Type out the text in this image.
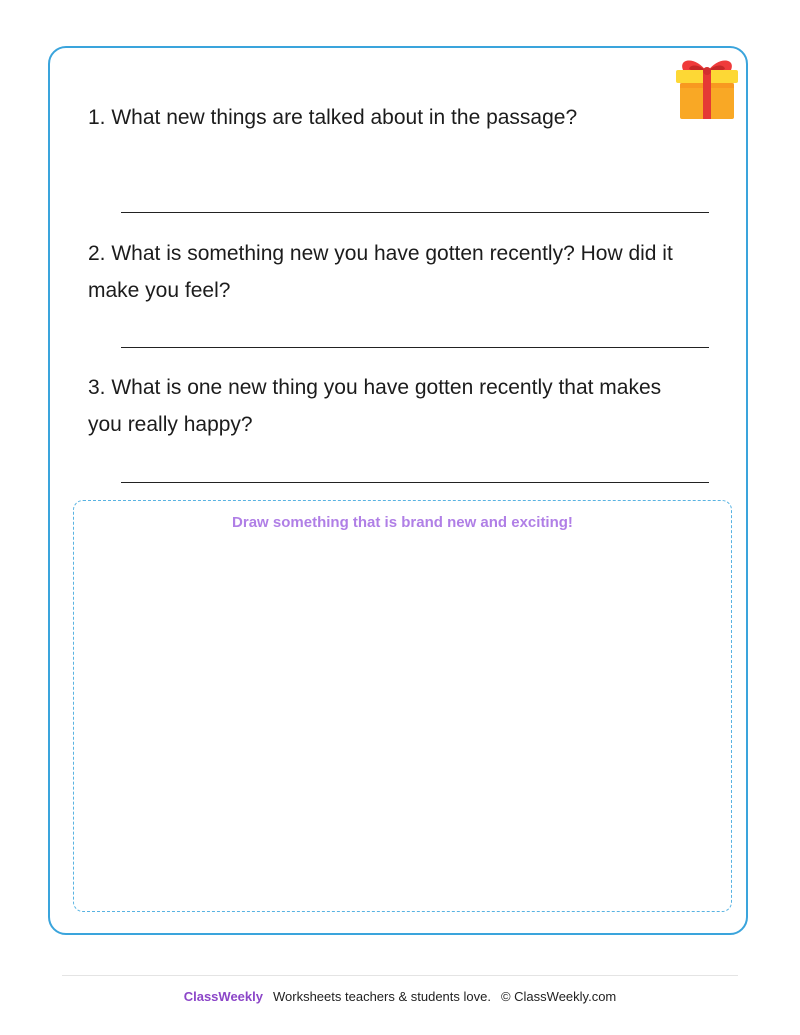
1. What new things are talked about in the passage?

2. What is something new you have gotten recently? How did it make you feel?

3. What is one new thing you have gotten recently that makes you really happy?

Draw something that is brand new and exciting!
ClassWeekly Worksheets teachers & students love. © ClassWeekly.com
